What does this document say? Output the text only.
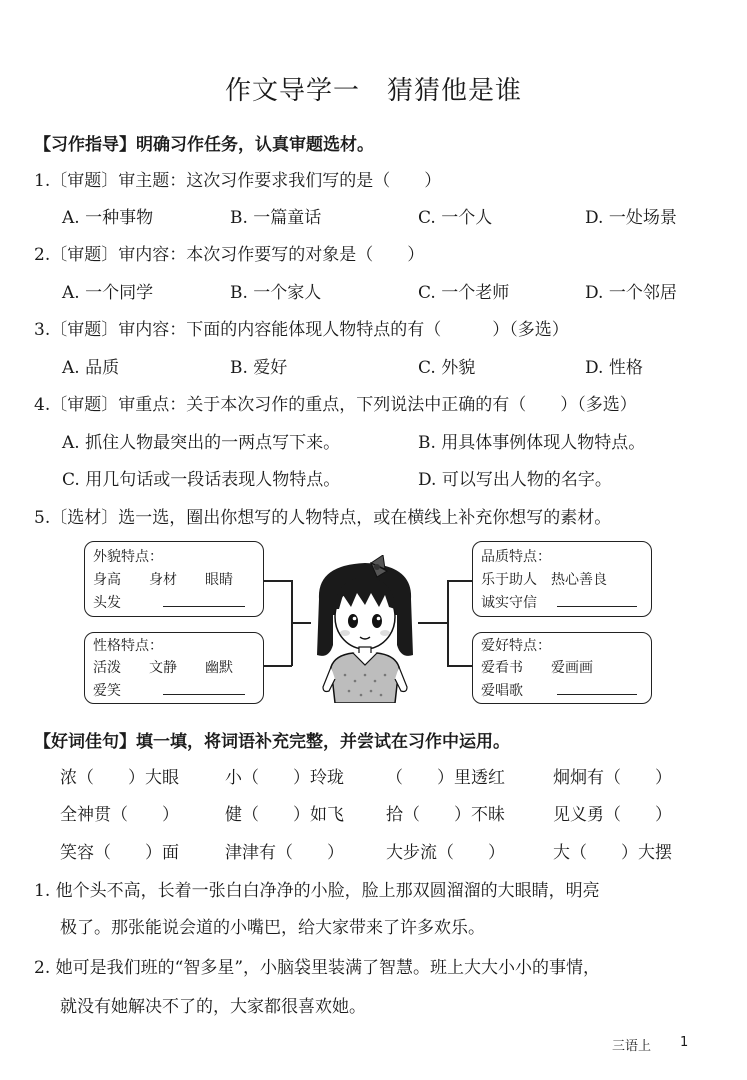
作文导学一　猜猜他是谁
【习作指导】明确习作任务，认真审题选材。
1.〔审题〕审主题：这次习作要求我们写的是（　　）
A. 一种事物	B. 一篇童话	C. 一个人	D. 一处场景
2.〔审题〕审内容：本次习作要写的对象是（　　）
A. 一个同学	B. 一个家人	C. 一个老师	D. 一个邻居
3.〔审题〕审内容：下面的内容能体现人物特点的有（　　　）（多选）
A. 品质	B. 爱好	C. 外貌	D. 性格
4.〔审题〕审重点：关于本次习作的重点，下列说法中正确的有（　　）（多选）
A. 抓住人物最突出的一两点写下来。	B. 用具体事例体现人物特点。
C. 用几句话或一段话表现人物特点。	D. 可以写出人物的名字。
5.〔选材〕选一选，圈出你想写的人物特点，或在横线上补充你想写的素材。
外貌特点：
身高　　身材　　眼睛
头发
性格特点：
活泼　　文静　　幽默
爱笑
品质特点：
乐于助人　热心善良
诚实守信
爱好特点：
爱看书　　爱画画
爱唱歌
【好词佳句】填一填，将词语补充完整，并尝试在习作中运用。
浓（　　）大眼	小（　　）玲珑 （　　）里透红	炯炯有（　　）
全神贯（　　）	健（　　）如飞 拾（　　）不昧	见义勇（　　）
笑容（　　）面	津津有（　　） 大步流（　　）	大（　　）大摆
1. 他个头不高，长着一张白白净净的小脸，脸上那双圆溜溜的大眼睛，明亮
极了。那张能说会道的小嘴巴，给大家带来了许多欢乐。
2. 她可是我们班的“智多星”，小脑袋里装满了智慧。班上大大小小的事情，
就没有她解决不了的，大家都很喜欢她。
三语上 1
